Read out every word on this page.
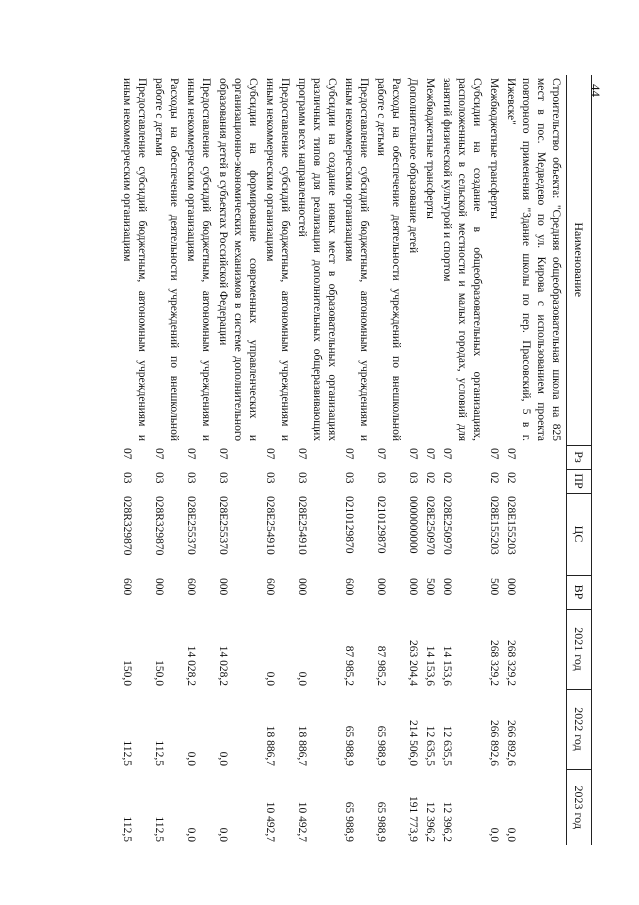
44
Наименование	Рз	ПР	ЦС	ВР	2021 год	2022 год	2023 год

Строительство объекта: "Средняя общеобразовательная школа на 825 мест в пос. Медведево по ул. Кирова с использованием проекта повторного применения "Здание школы по пер. Прасовский, 5 в г. Ижевске"	07	02	028E155203	000	268 329,2	266 892,6	0,0
Межбюджетные трансферты	07	02	028E155203	500	268 329,2	266 892,6	0,0
Субсидии на создание в общеобразовательных организациях, расположенных в сельской местности и малых городах, условий для занятий физической культурой и спортом	07	02	028E250970	000	14 153,6	12 635,5	12 396,2
Межбюджетные трансферты	07	02	028E250970	500	14 153,6	12 635,5	12 396,2
Дополнительное образование детей	07	03	0000000000	000	263 204,4	214 506,0	191 773,9
Расходы на обеспечение деятельности учреждений по внешкольной работе с детьми	07	03	0210129870	000	87 985,2	65 988,9	65 988,9
Предоставление субсидий бюджетным, автономным учреждениям и иным некоммерческим организациям	07	03	0210129870	600	87 985,2	65 988,9	65 988,9
Субсидии на создание новых мест в образовательных организациях различных типов для реализации дополнительных общеразвивающих программ всех направленностей	07	03	028E254910	000	0,0	18 886,7	10 492,7
Предоставление субсидий бюджетным, автономным учреждениям и иным некоммерческим организациям	07	03	028E254910	600	0,0	18 886,7	10 492,7
Субсидии на формирование современных управленческих и организационно-экономических механизмов в системе дополнительного образования детей в субъектах Российской Федерации	07	03	028E255370	000	14 028,2	0,0	0,0
Предоставление субсидий бюджетным, автономным учреждениям и иным некоммерческим организациям	07	03	028E255370	600	14 028,2	0,0	0,0
Расходы на обеспечение деятельности учреждений по внешкольной работе с детьми	07	03	028R329870	000	150,0	112,5	112,5
Предоставление субсидий бюджетным, автономным учреждениям и иным некоммерческим организациям	07	03	028R329870	600	150,0	112,5	112,5
